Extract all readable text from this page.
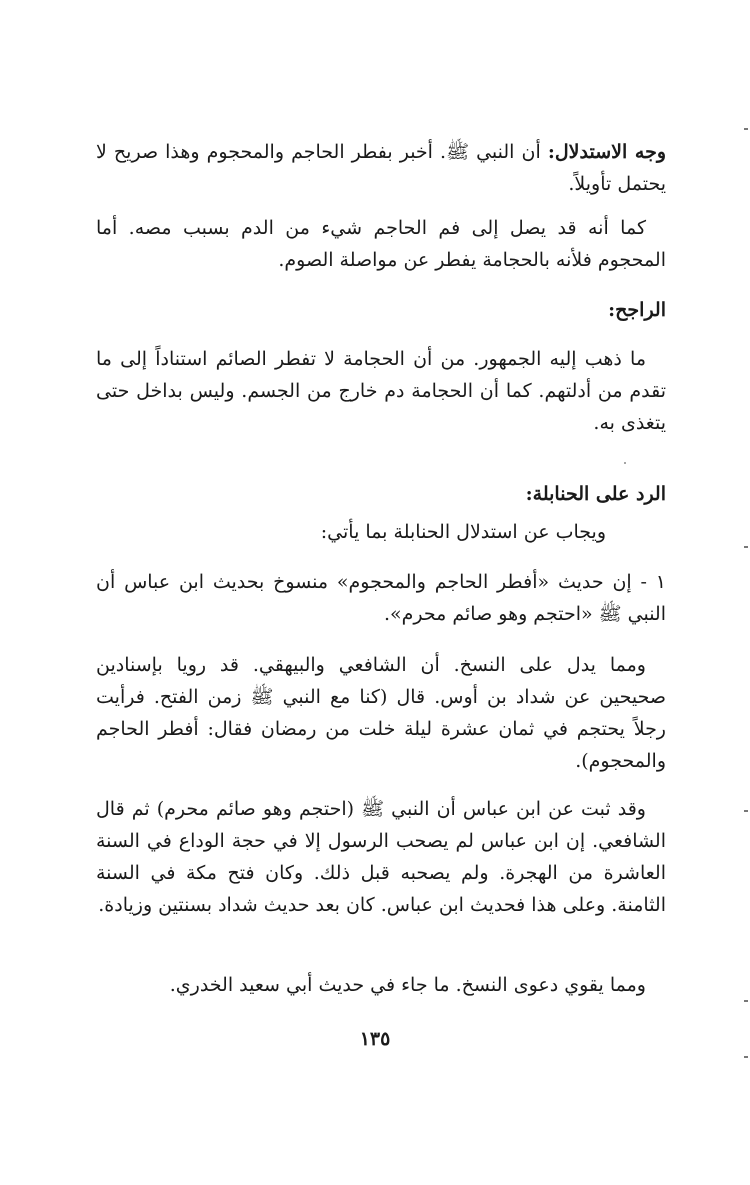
وجه الاستدلال: أن النبي ﷺ. أخبر بفطر الحاجم والمحجوم وهذا صريح لا يحتمل تأويلاً.

كما أنه قد يصل إلى فم الحاجم شيء من الدم بسبب مصه. أما المحجوم فلأنه بالحجامة يفطر عن مواصلة الصوم.

الراجح:

ما ذهب إليه الجمهور. من أن الحجامة لا تفطر الصائم استناداً إلى ما تقدم من أدلتهم. كما أن الحجامة دم خارج من الجسم. وليس بداخل حتى يتغذى به.

الرد على الحنابلة:

ويجاب عن استدلال الحنابلة بما يأتي:

١ - إن حديث «أفطر الحاجم والمحجوم» منسوخ بحديث ابن عباس أن النبي ﷺ «احتجم وهو صائم محرم».

ومما يدل على النسخ. أن الشافعي والبيهقي. قد رويا بإسنادين صحيحين عن شداد بن أوس. قال (كنا مع النبي ﷺ زمن الفتح. فرأيت رجلاً يحتجم في ثمان عشرة ليلة خلت من رمضان فقال: أفطر الحاجم والمحجوم).

وقد ثبت عن ابن عباس أن النبي ﷺ (احتجم وهو صائم محرم) ثم قال الشافعي. إن ابن عباس لم يصحب الرسول إلا في حجة الوداع في السنة العاشرة من الهجرة. ولم يصحبه قبل ذلك. وكان فتح مكة في السنة الثامنة. وعلى هذا فحديث ابن عباس. كان بعد حديث شداد بسنتين وزيادة.

ومما يقوي دعوى النسخ. ما جاء في حديث أبي سعيد الخدري.

١٣٥
